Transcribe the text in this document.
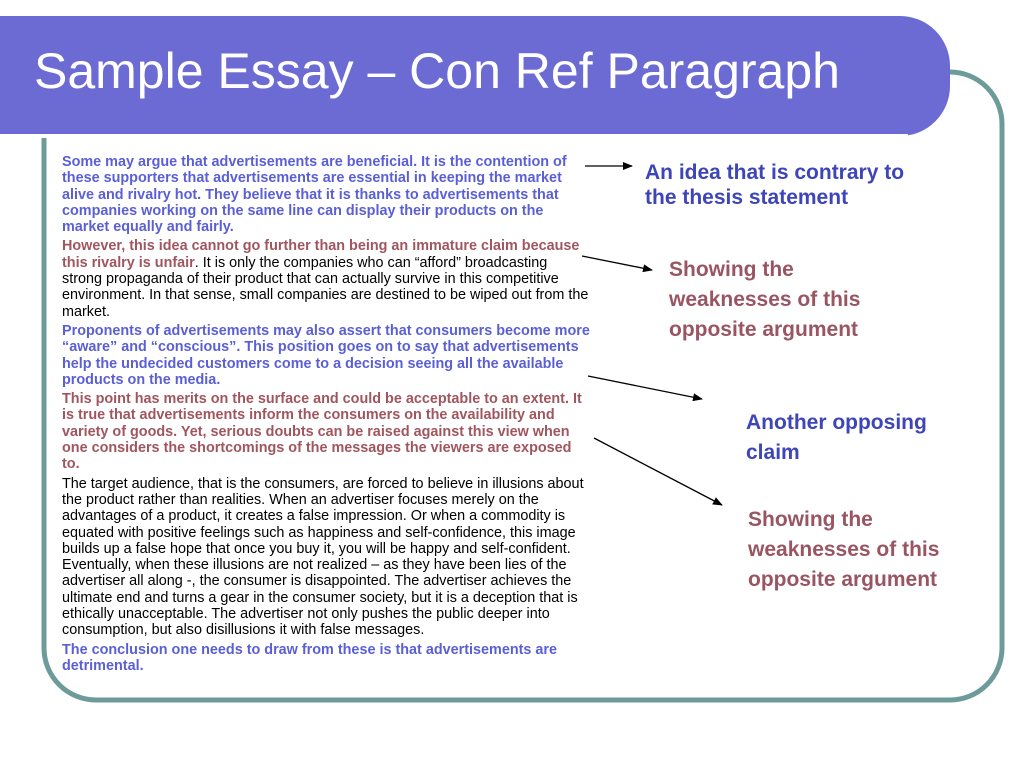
Sample Essay – Con Ref Paragraph

Some may argue that advertisements are beneficial. It is the contention of these supporters that advertisements are essential in keeping the market alive and rivalry hot. They believe that it is thanks to advertisements that companies working on the same line can display their products on the market equally and fairly.

However, this idea cannot go further than being an immature claim because this rivalry is unfair. It is only the companies who can “afford” broadcasting strong propaganda of their product that can actually survive in this competitive environment. In that sense, small companies are destined to be wiped out from the market.

Proponents of advertisements may also assert that consumers become more “aware” and “conscious”. This position goes on to say that advertisements help the undecided customers come to a decision seeing all the available products on the media.

This point has merits on the surface and could be acceptable to an extent. It is true that advertisements inform the consumers on the availability and variety of goods. Yet, serious doubts can be raised against this view when one considers the shortcomings of the messages the viewers are exposed to.

The target audience, that is the consumers, are forced to believe in illusions about the product rather than realities. When an advertiser focuses merely on the advantages of a product, it creates a false impression. Or when a commodity is equated with positive feelings such as happiness and self-confidence, this image builds up a false hope that once you buy it, you will be happy and self-confident. Eventually, when these illusions are not realized – as they have been lies of the advertiser all along -, the consumer is disappointed. The advertiser achieves the ultimate end and turns a gear in the consumer society, but it is a deception that is ethically unacceptable. The advertiser not only pushes the public deeper into consumption, but also disillusions it with false messages.

The conclusion one needs to draw from these is that advertisements are detrimental.

An idea that is contrary to the thesis statement
Showing the weaknesses of this opposite argument
Another opposing claim
Showing the weaknesses of this opposite argument
